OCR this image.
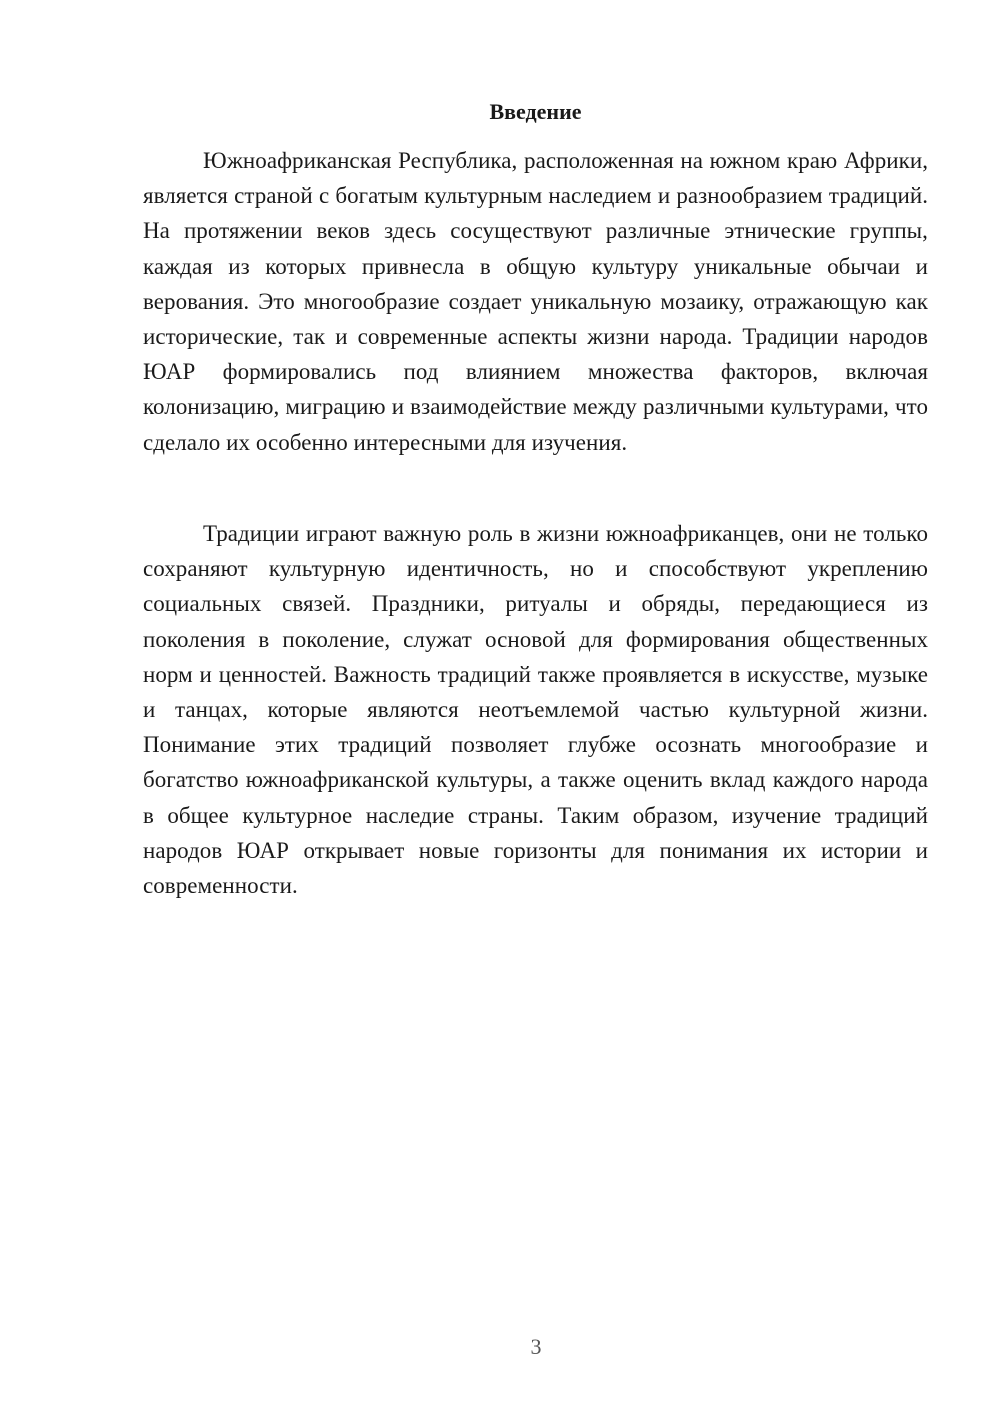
Введение

Южноафриканская Республика, расположенная на южном краю Африки, является страной с богатым культурным наследием и разнообразием традиций. На протяжении веков здесь сосуществуют различные этнические группы, каждая из которых привнесла в общую культуру уникальные обычаи и верования. Это многообразие создает уникальную мозаику, отражающую как исторические, так и современные аспекты жизни народа. Традиции народов ЮАР формировались под влиянием множества факторов, включая колонизацию, миграцию и взаимодействие между различными культурами, что сделало их особенно интересными для изучения.

Традиции играют важную роль в жизни южноафриканцев, они не только сохраняют культурную идентичность, но и способствуют укреплению социальных связей. Праздники, ритуалы и обряды, передающиеся из поколения в поколение, служат основой для формирования общественных норм и ценностей. Важность традиций также проявляется в искусстве, музыке и танцах, которые являются неотъемлемой частью культурной жизни. Понимание этих традиций позволяет глубже осознать многообразие и богатство южноафриканской культуры, а также оценить вклад каждого народа в общее культурное наследие страны. Таким образом, изучение традиций народов ЮАР открывает новые горизонты для понимания их истории и современности.

3
